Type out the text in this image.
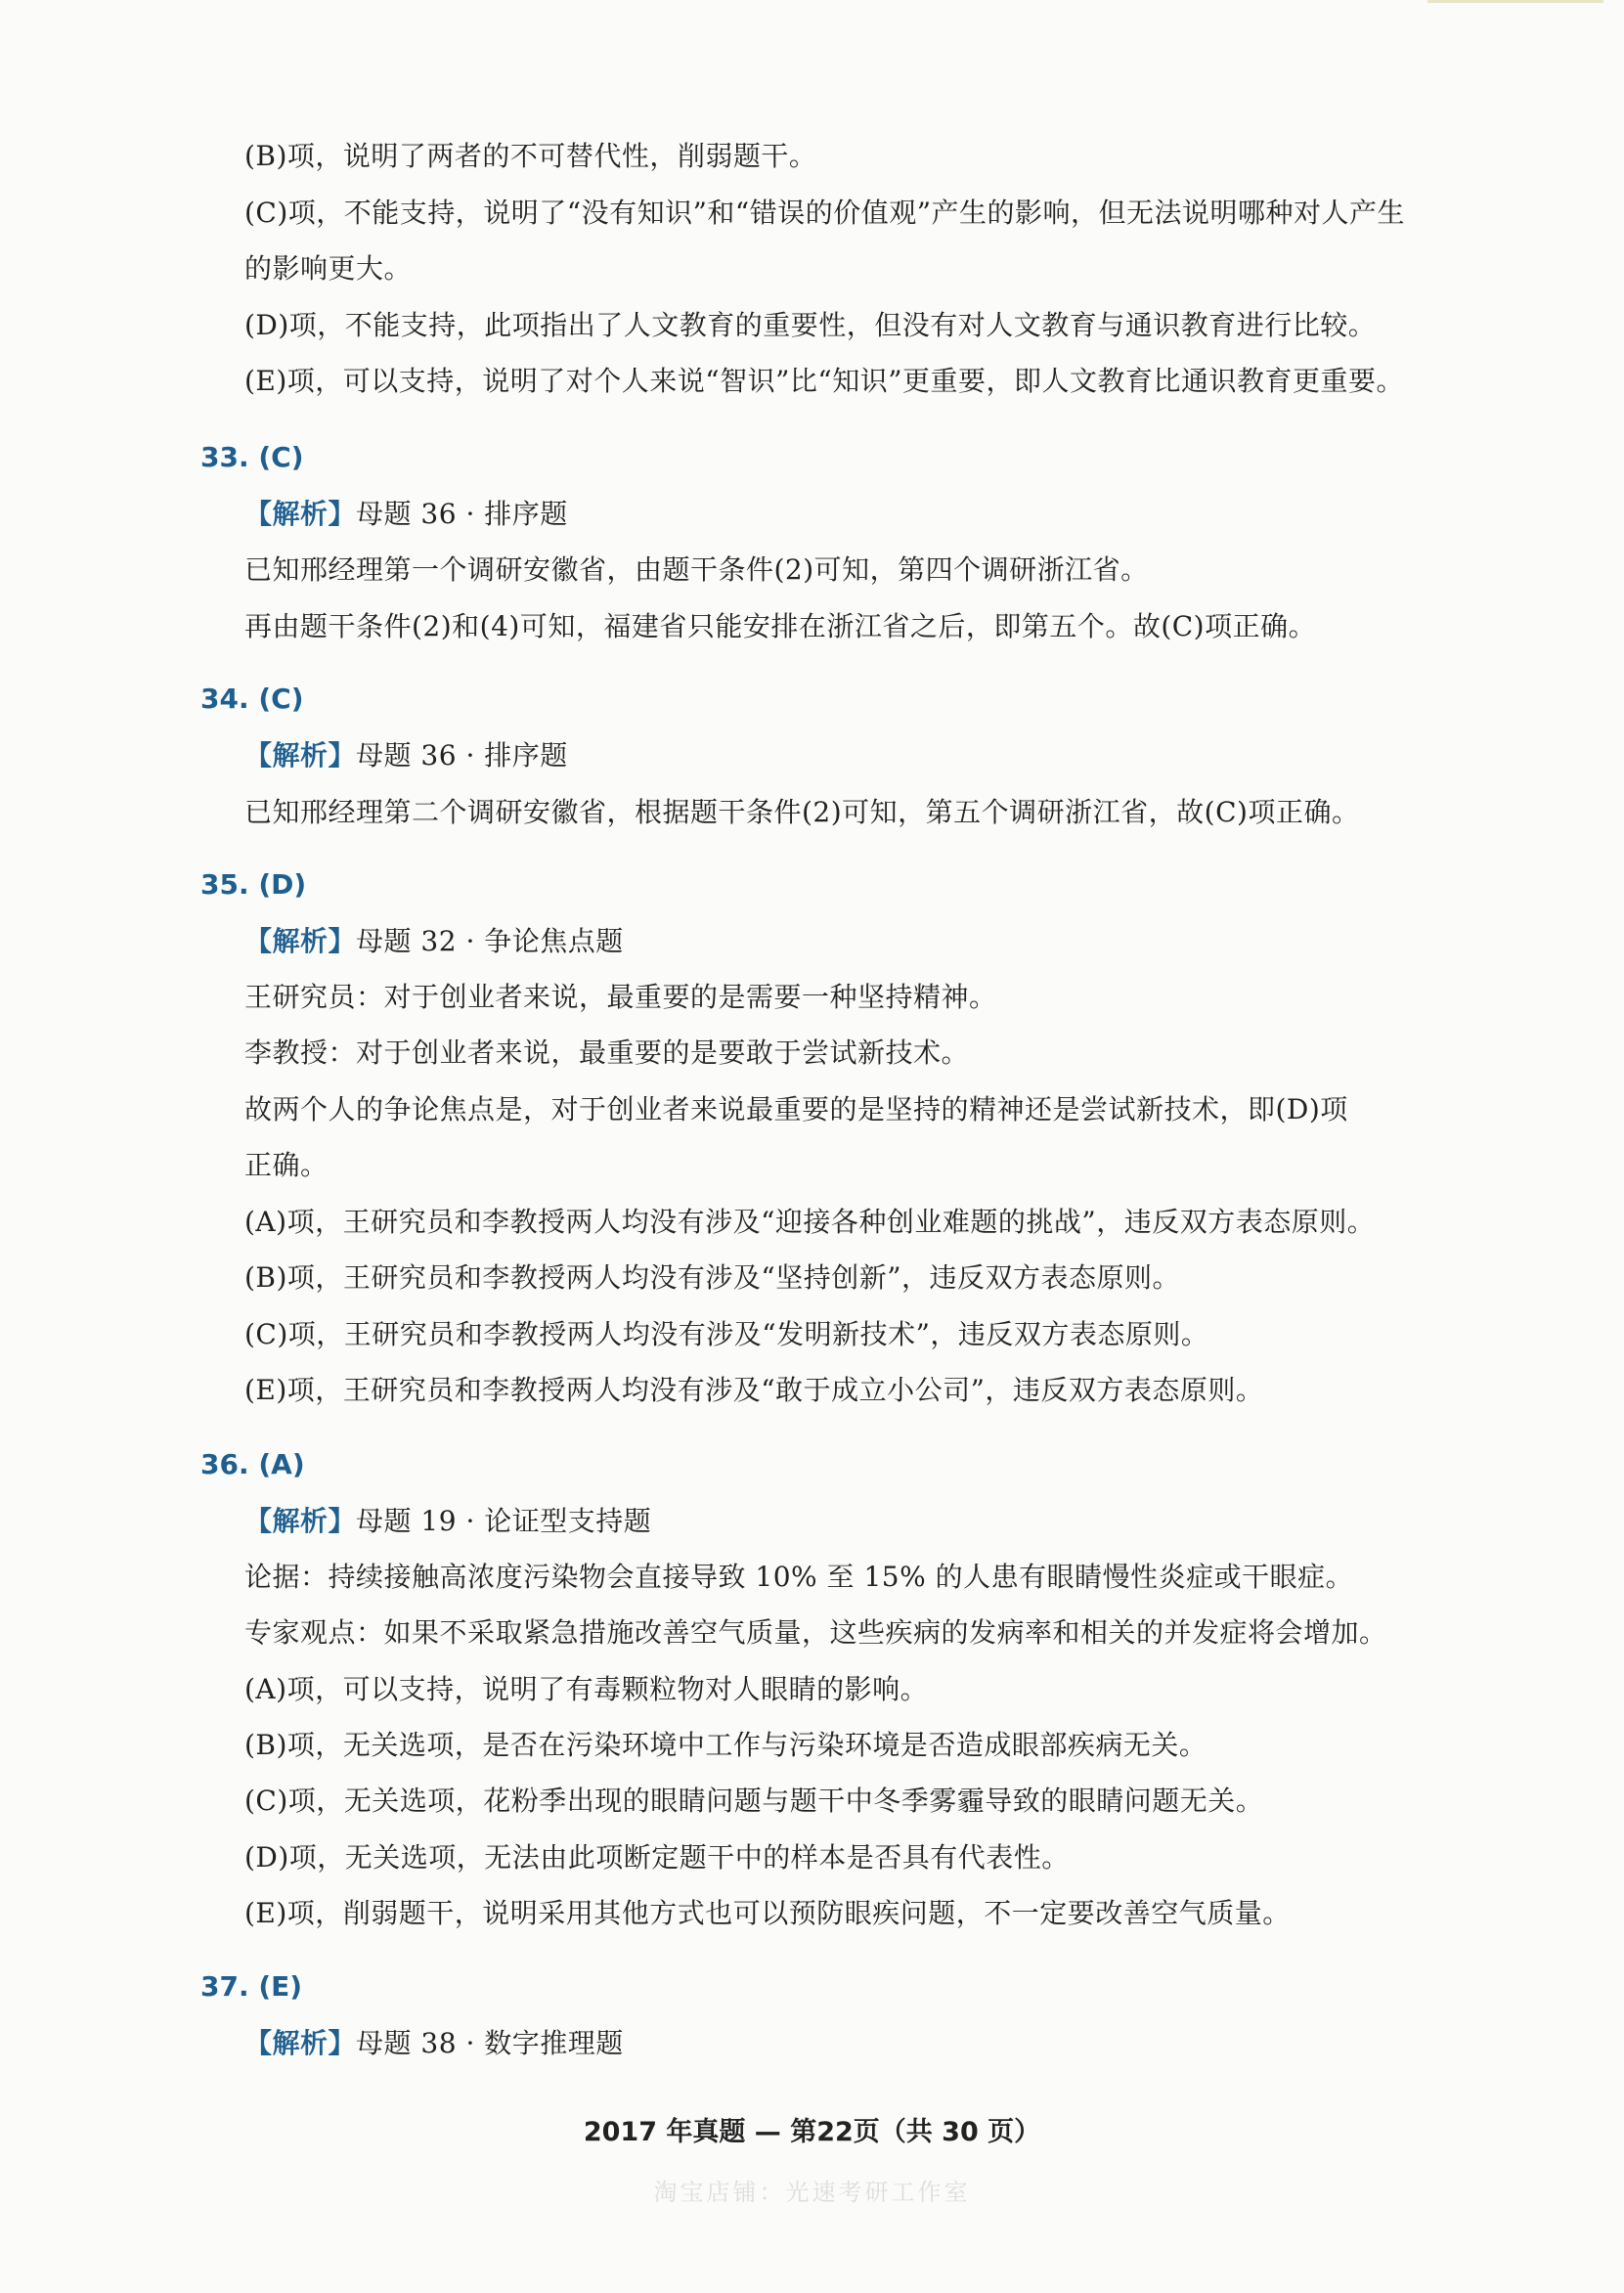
(B)项，说明了两者的不可替代性，削弱题干。
(C)项，不能支持，说明了“没有知识”和“错误的价值观”产生的影响，但无法说明哪种对人产生
的影响更大。
(D)项，不能支持，此项指出了人文教育的重要性，但没有对人文教育与通识教育进行比较。
(E)项，可以支持，说明了对个人来说“智识”比“知识”更重要，即人文教育比通识教育更重要。
33. (C)
【解析】母题 36 · 排序题
已知邢经理第一个调研安徽省，由题干条件(2)可知，第四个调研浙江省。
再由题干条件(2)和(4)可知，福建省只能安排在浙江省之后，即第五个。故(C)项正确。
34. (C)
【解析】母题 36 · 排序题
已知邢经理第二个调研安徽省，根据题干条件(2)可知，第五个调研浙江省，故(C)项正确。
35. (D)
【解析】母题 32 · 争论焦点题
王研究员：对于创业者来说，最重要的是需要一种坚持精神。
李教授：对于创业者来说，最重要的是要敢于尝试新技术。
故两个人的争论焦点是，对于创业者来说最重要的是坚持的精神还是尝试新技术，即(D)项
正确。
(A)项，王研究员和李教授两人均没有涉及“迎接各种创业难题的挑战”，违反双方表态原则。
(B)项，王研究员和李教授两人均没有涉及“坚持创新”，违反双方表态原则。
(C)项，王研究员和李教授两人均没有涉及“发明新技术”，违反双方表态原则。
(E)项，王研究员和李教授两人均没有涉及“敢于成立小公司”，违反双方表态原则。
36. (A)
【解析】母题 19 · 论证型支持题
论据：持续接触高浓度污染物会直接导致 10% 至 15% 的人患有眼睛慢性炎症或干眼症。
专家观点：如果不采取紧急措施改善空气质量，这些疾病的发病率和相关的并发症将会增加。
(A)项，可以支持，说明了有毒颗粒物对人眼睛的影响。
(B)项，无关选项，是否在污染环境中工作与污染环境是否造成眼部疾病无关。
(C)项，无关选项，花粉季出现的眼睛问题与题干中冬季雾霾导致的眼睛问题无关。
(D)项，无关选项，无法由此项断定题干中的样本是否具有代表性。
(E)项，削弱题干，说明采用其他方式也可以预防眼疾问题，不一定要改善空气质量。
37. (E)
【解析】母题 38 · 数字推理题
2017 年真题 — 第22页（共 30 页）
淘宝店铺：光速考研工作室
